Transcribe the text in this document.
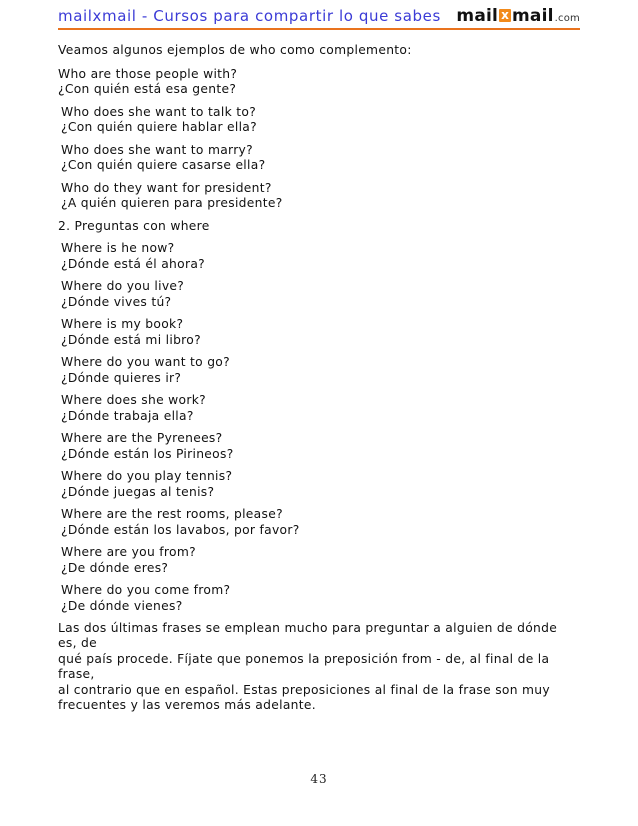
mailxmail - Cursos para compartir lo que sabes mail x mail.com

Veamos algunos ejemplos de who como complemento:

Who are those people with?
¿Con quién está esa gente?
Who does she want to talk to?
¿Con quién quiere hablar ella?
Who does she want to marry?
¿Con quién quiere casarse ella?
Who do they want for president?
¿A quién quieren para presidente?

2. Preguntas con where

Where is he now?
¿Dónde está él ahora?
Where do you live?
¿Dónde vives tú?
Where is my book?
¿Dónde está mi libro?
Where do you want to go?
¿Dónde quieres ir?
Where does she work?
¿Dónde trabaja ella?
Where are the Pyrenees?
¿Dónde están los Pirineos?
Where do you play tennis?
¿Dónde juegas al tenis?
Where are the rest rooms, please?
¿Dónde están los lavabos, por favor?
Where are you from?
¿De dónde eres?
Where do you come from?
¿De dónde vienes?
Las dos últimas frases se emplean mucho para preguntar a alguien de dónde es, de
qué país procede. Fíjate que ponemos la preposición from - de, al final de la frase,
al contrario que en español. Estas preposiciones al final de la frase son muy
frecuentes y las veremos más adelante.
43
